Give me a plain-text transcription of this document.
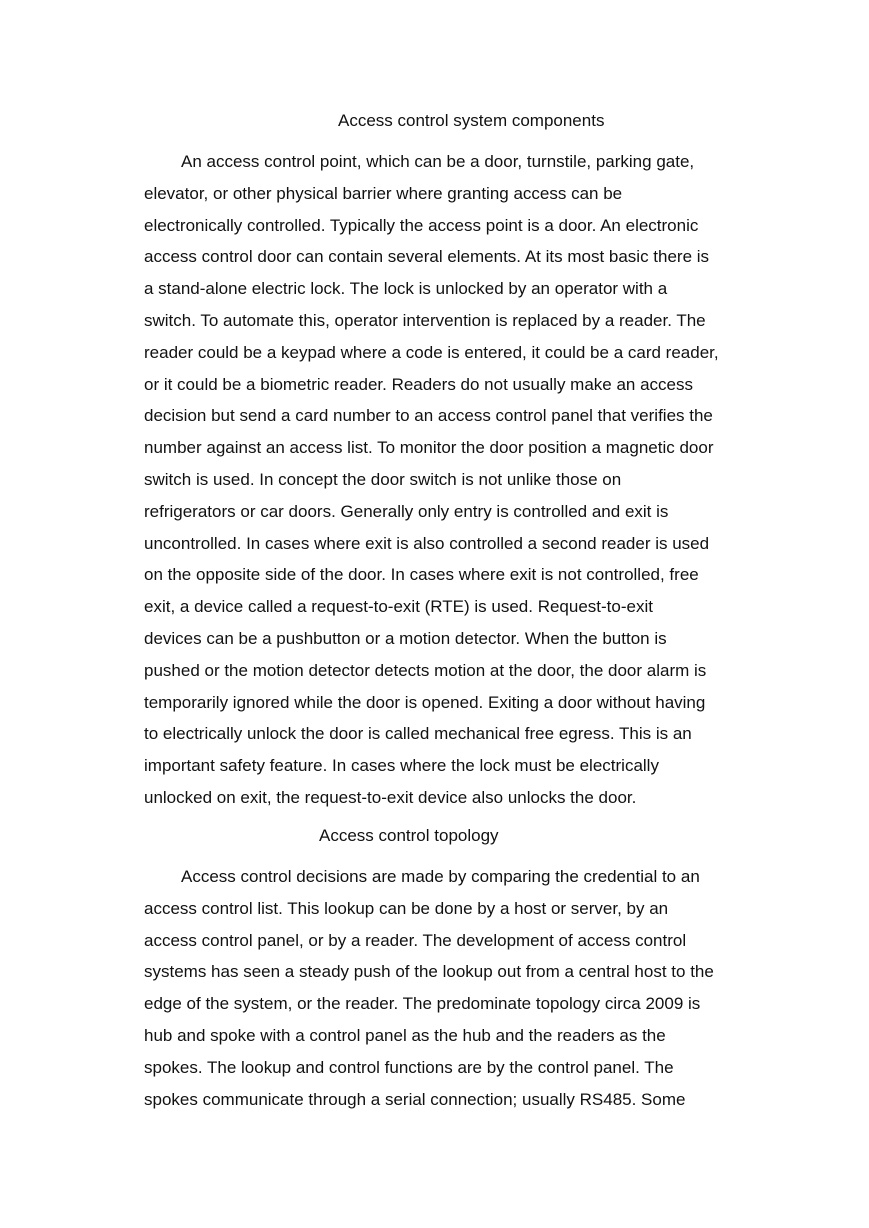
Access control system components
An access control point, which can be a door, turnstile, parking gate,
elevator, or other physical barrier where granting access can be
electronically controlled. Typically the access point is a door. An electronic
access control door can contain several elements. At its most basic there is
a stand-alone electric lock. The lock is unlocked by an operator with a
switch. To automate this, operator intervention is replaced by a reader. The
reader could be a keypad where a code is entered, it could be a card reader,
or it could be a biometric reader. Readers do not usually make an access
decision but send a card number to an access control panel that verifies the
number against an access list. To monitor the door position a magnetic door
switch is used. In concept the door switch is not unlike those on
refrigerators or car doors. Generally only entry is controlled and exit is
uncontrolled. In cases where exit is also controlled a second reader is used
on the opposite side of the door. In cases where exit is not controlled, free
exit, a device called a request-to-exit (RTE) is used. Request-to-exit
devices can be a pushbutton or a motion detector. When the button is
pushed or the motion detector detects motion at the door, the door alarm is
temporarily ignored while the door is opened. Exiting a door without having
to electrically unlock the door is called mechanical free egress. This is an
important safety feature. In cases where the lock must be electrically
unlocked on exit, the request-to-exit device also unlocks the door.
Access control topology
Access control decisions are made by comparing the credential to an
access control list. This lookup can be done by a host or server, by an
access control panel, or by a reader. The development of access control
systems has seen a steady push of the lookup out from a central host to the
edge of the system, or the reader. The predominate topology circa 2009 is
hub and spoke with a control panel as the hub and the readers as the
spokes. The lookup and control functions are by the control panel. The
spokes communicate through a serial connection; usually RS485. Some
